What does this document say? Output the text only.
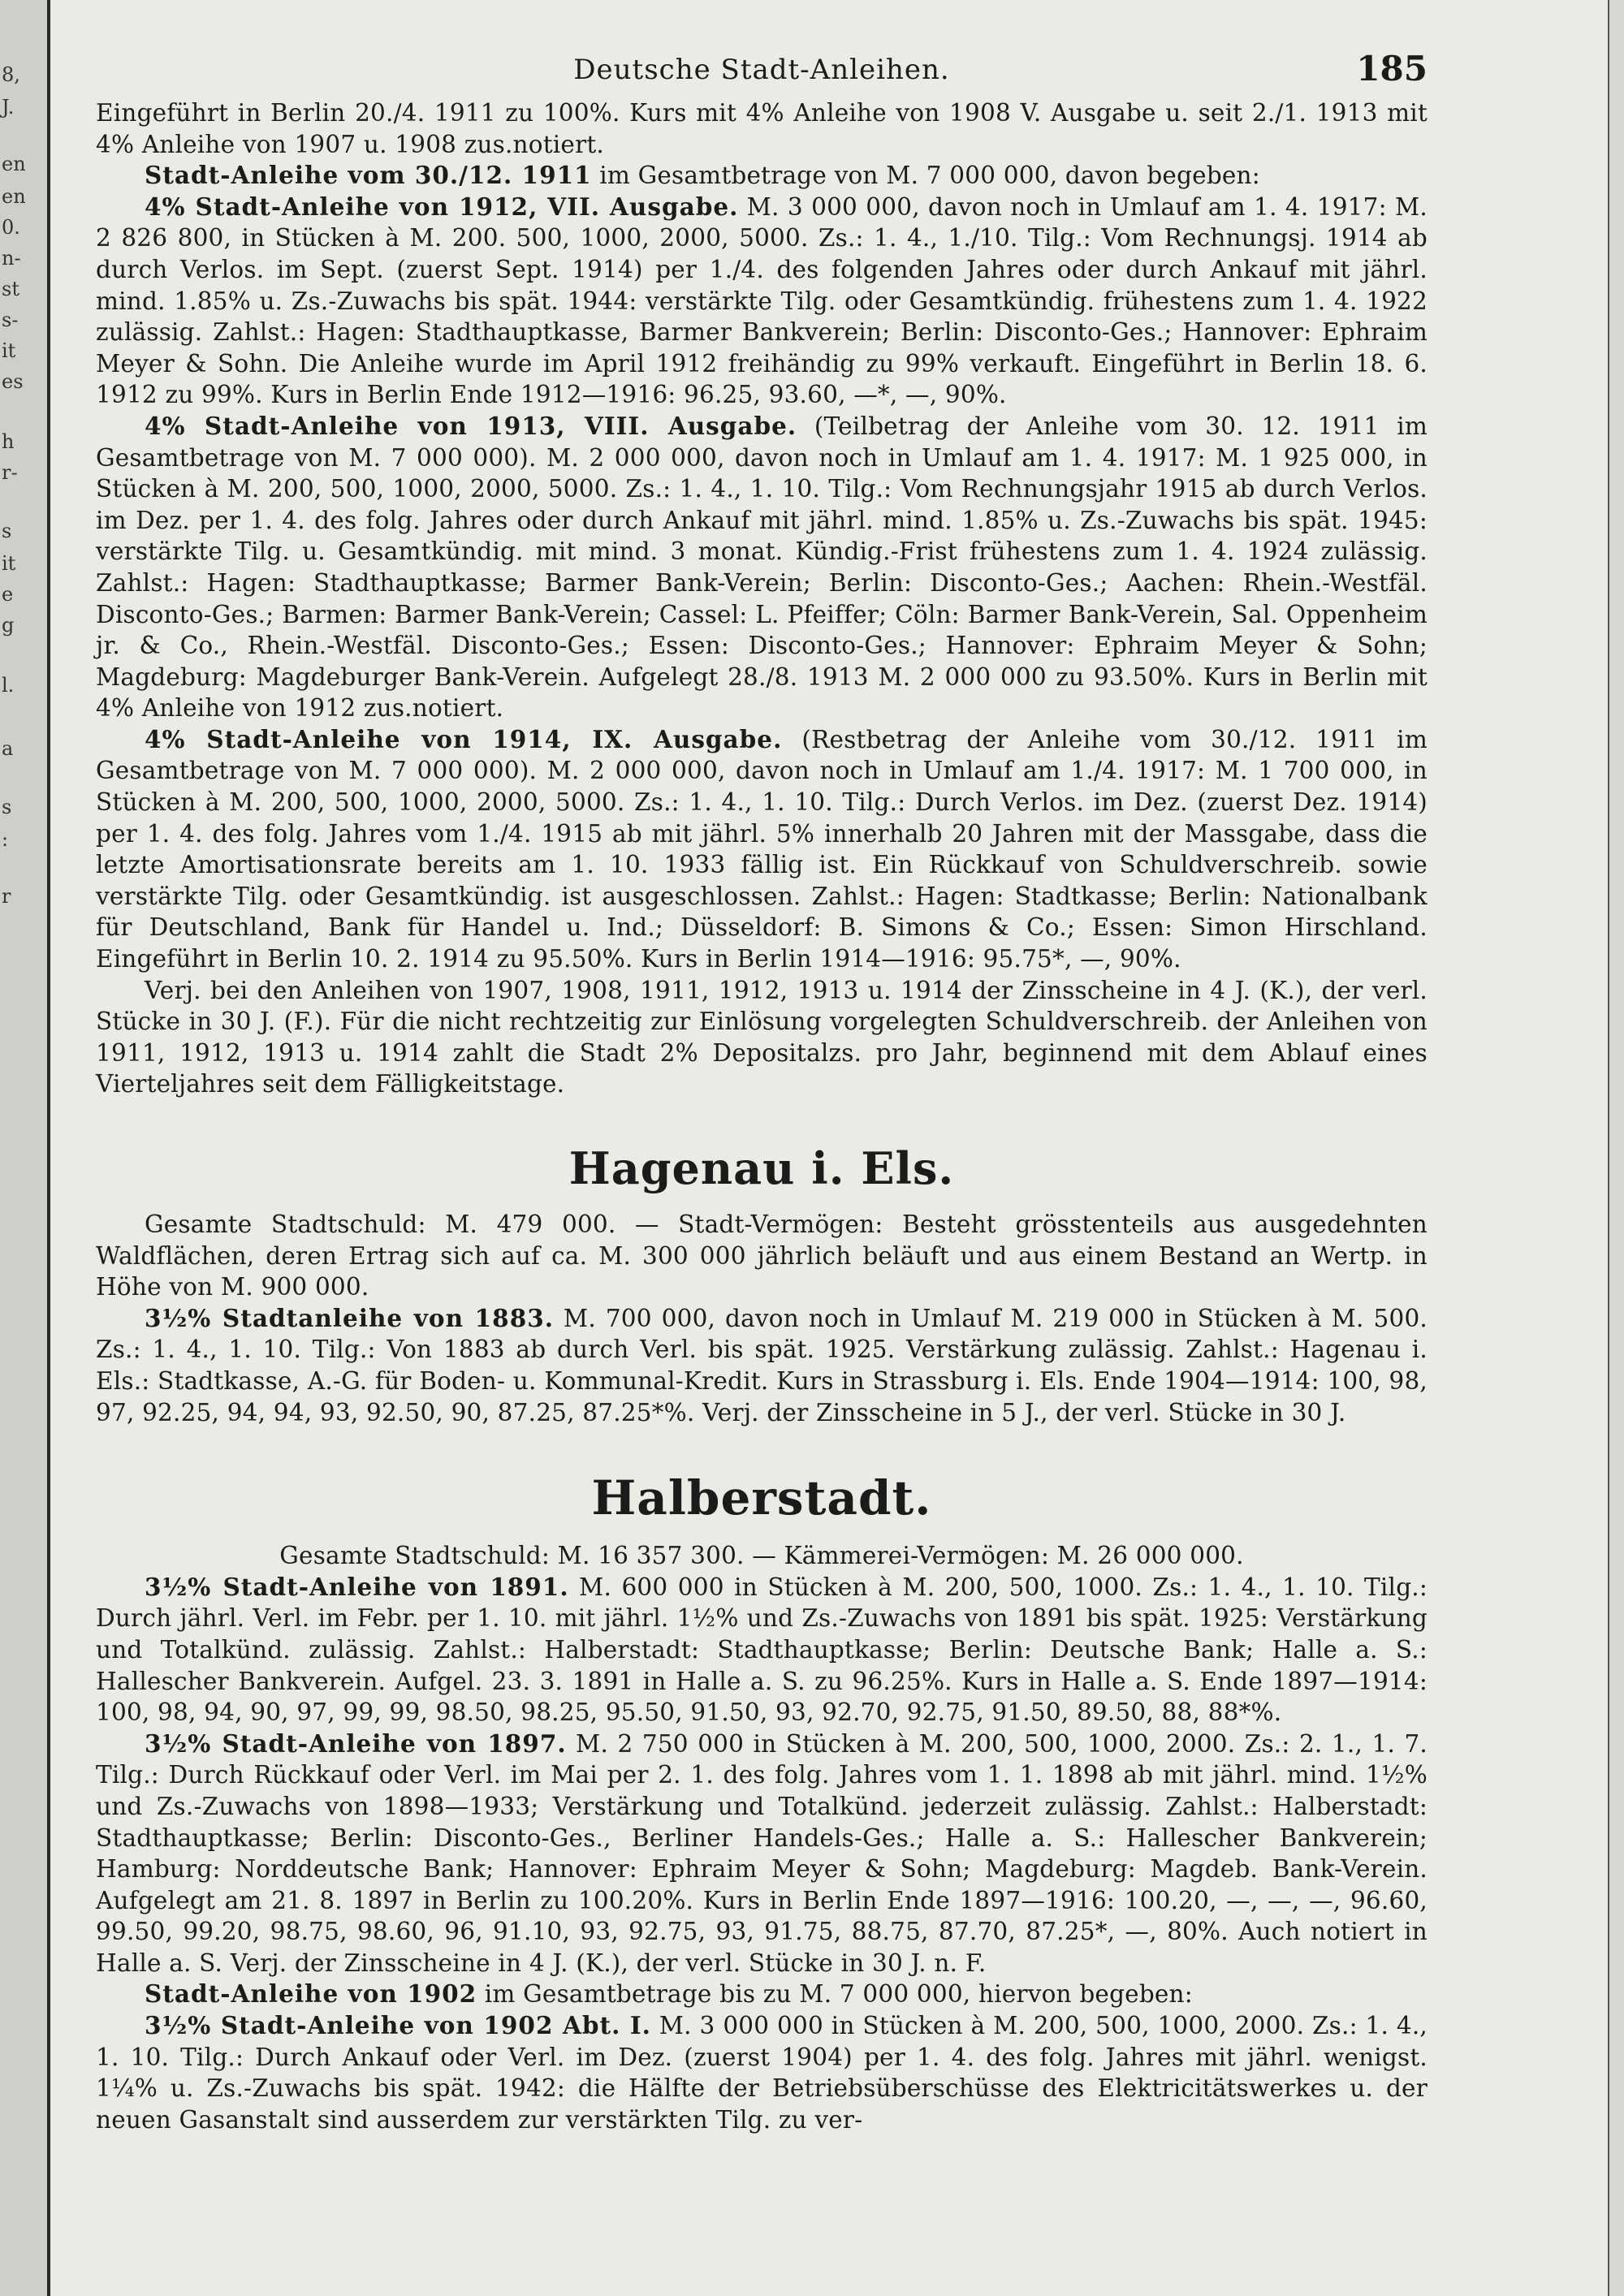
8,
J.
en
en
0.
n-
st
s-
it
es
h
r-
s
it
e
g
l.
a
s
:
r
Deutsche Stadt-Anleihen.	185

Eingeführt in Berlin 20./4. 1911 zu 100%. Kurs mit 4% Anleihe von 1908 V. Ausgabe u. seit 2./1. 1913 mit 4% Anleihe von 1907 u. 1908 zus.notiert.

Stadt-Anleihe vom 30./12. 1911 im Gesamtbetrage von M. 7 000 000, davon begeben:

4% Stadt-Anleihe von 1912, VII. Ausgabe. M. 3 000 000, davon noch in Umlauf am 1. 4. 1917: M. 2 826 800, in Stücken à M. 200. 500, 1000, 2000, 5000. Zs.: 1. 4., 1./10. Tilg.: Vom Rechnungsj. 1914 ab durch Verlos. im Sept. (zuerst Sept. 1914) per 1./4. des folgenden Jahres oder durch Ankauf mit jährl. mind. 1.85% u. Zs.-Zuwachs bis spät. 1944: verstärkte Tilg. oder Gesamtkündig. frühestens zum 1. 4. 1922 zulässig. Zahlst.: Hagen: Stadthauptkasse, Barmer Bankverein; Berlin: Disconto-Ges.; Hannover: Ephraim Meyer & Sohn. Die Anleihe wurde im April 1912 freihändig zu 99% verkauft. Eingeführt in Berlin 18. 6. 1912 zu 99%. Kurs in Berlin Ende 1912—1916: 96.25, 93.60, —*, —, 90%.

4% Stadt-Anleihe von 1913, VIII. Ausgabe. (Teilbetrag der Anleihe vom 30. 12. 1911 im Gesamtbetrage von M. 7 000 000). M. 2 000 000, davon noch in Umlauf am 1. 4. 1917: M. 1 925 000, in Stücken à M. 200, 500, 1000, 2000, 5000. Zs.: 1. 4., 1. 10. Tilg.: Vom Rechnungsjahr 1915 ab durch Verlos. im Dez. per 1. 4. des folg. Jahres oder durch Ankauf mit jährl. mind. 1.85% u. Zs.-Zuwachs bis spät. 1945: verstärkte Tilg. u. Gesamtkündig. mit mind. 3 monat. Kündig.-Frist frühestens zum 1. 4. 1924 zulässig. Zahlst.: Hagen: Stadthauptkasse; Barmer Bank-Verein; Berlin: Disconto-Ges.; Aachen: Rhein.-Westfäl. Disconto-Ges.; Barmen: Barmer Bank-Verein; Cassel: L. Pfeiffer; Cöln: Barmer Bank-Verein, Sal. Oppenheim jr. & Co., Rhein.-Westfäl. Disconto-Ges.; Essen: Disconto-Ges.; Hannover: Ephraim Meyer & Sohn; Magdeburg: Magdeburger Bank-Verein. Aufgelegt 28./8. 1913 M. 2 000 000 zu 93.50%. Kurs in Berlin mit 4% Anleihe von 1912 zus.notiert.

4% Stadt-Anleihe von 1914, IX. Ausgabe. (Restbetrag der Anleihe vom 30./12. 1911 im Gesamtbetrage von M. 7 000 000). M. 2 000 000, davon noch in Umlauf am 1./4. 1917: M. 1 700 000, in Stücken à M. 200, 500, 1000, 2000, 5000. Zs.: 1. 4., 1. 10. Tilg.: Durch Verlos. im Dez. (zuerst Dez. 1914) per 1. 4. des folg. Jahres vom 1./4. 1915 ab mit jährl. 5% innerhalb 20 Jahren mit der Massgabe, dass die letzte Amortisationsrate bereits am 1. 10. 1933 fällig ist. Ein Rückkauf von Schuldverschreib. sowie verstärkte Tilg. oder Gesamtkündig. ist ausgeschlossen. Zahlst.: Hagen: Stadtkasse; Berlin: Nationalbank für Deutschland, Bank für Handel u. Ind.; Düsseldorf: B. Simons & Co.; Essen: Simon Hirschland. Eingeführt in Berlin 10. 2. 1914 zu 95.50%. Kurs in Berlin 1914—1916: 95.75*, —, 90%.

Verj. bei den Anleihen von 1907, 1908, 1911, 1912, 1913 u. 1914 der Zinsscheine in 4 J. (K.), der verl. Stücke in 30 J. (F.). Für die nicht rechtzeitig zur Einlösung vorgelegten Schuldverschreib. der Anleihen von 1911, 1912, 1913 u. 1914 zahlt die Stadt 2% Depositalzs. pro Jahr, beginnend mit dem Ablauf eines Vierteljahres seit dem Fälligkeitstage.

Hagenau i. Els.

Gesamte Stadtschuld: M. 479 000. — Stadt-Vermögen: Besteht grösstenteils aus ausgedehnten Waldflächen, deren Ertrag sich auf ca. M. 300 000 jährlich beläuft und aus einem Bestand an Wertp. in Höhe von M. 900 000.

3½% Stadtanleihe von 1883. M. 700 000, davon noch in Umlauf M. 219 000 in Stücken à M. 500. Zs.: 1. 4., 1. 10. Tilg.: Von 1883 ab durch Verl. bis spät. 1925. Verstärkung zulässig. Zahlst.: Hagenau i. Els.: Stadtkasse, A.-G. für Boden- u. Kommunal-Kredit. Kurs in Strassburg i. Els. Ende 1904—1914: 100, 98, 97, 92.25, 94, 94, 93, 92.50, 90, 87.25, 87.25*%. Verj. der Zinsscheine in 5 J., der verl. Stücke in 30 J.

Halberstadt.

Gesamte Stadtschuld: M. 16 357 300. — Kämmerei-Vermögen: M. 26 000 000.

3½% Stadt-Anleihe von 1891. M. 600 000 in Stücken à M. 200, 500, 1000. Zs.: 1. 4., 1. 10. Tilg.: Durch jährl. Verl. im Febr. per 1. 10. mit jährl. 1½% und Zs.-Zuwachs von 1891 bis spät. 1925: Verstärkung und Totalkünd. zulässig. Zahlst.: Halberstadt: Stadthauptkasse; Berlin: Deutsche Bank; Halle a. S.: Hallescher Bankverein. Aufgel. 23. 3. 1891 in Halle a. S. zu 96.25%. Kurs in Halle a. S. Ende 1897—1914: 100, 98, 94, 90, 97, 99, 99, 98.50, 98.25, 95.50, 91.50, 93, 92.70, 92.75, 91.50, 89.50, 88, 88*%.

3½% Stadt-Anleihe von 1897. M. 2 750 000 in Stücken à M. 200, 500, 1000, 2000. Zs.: 2. 1., 1. 7. Tilg.: Durch Rückkauf oder Verl. im Mai per 2. 1. des folg. Jahres vom 1. 1. 1898 ab mit jährl. mind. 1½% und Zs.-Zuwachs von 1898—1933; Verstärkung und Totalkünd. jederzeit zulässig. Zahlst.: Halberstadt: Stadthauptkasse; Berlin: Disconto-Ges., Berliner Handels-Ges.; Halle a. S.: Hallescher Bankverein; Hamburg: Norddeutsche Bank; Hannover: Ephraim Meyer & Sohn; Magdeburg: Magdeb. Bank-Verein. Aufgelegt am 21. 8. 1897 in Berlin zu 100.20%. Kurs in Berlin Ende 1897—1916: 100.20, —, —, —, 96.60, 99.50, 99.20, 98.75, 98.60, 96, 91.10, 93, 92.75, 93, 91.75, 88.75, 87.70, 87.25*, —, 80%. Auch notiert in Halle a. S. Verj. der Zinsscheine in 4 J. (K.), der verl. Stücke in 30 J. n. F.

Stadt-Anleihe von 1902 im Gesamtbetrage bis zu M. 7 000 000, hiervon begeben:

3½% Stadt-Anleihe von 1902 Abt. I. M. 3 000 000 in Stücken à M. 200, 500, 1000, 2000. Zs.: 1. 4., 1. 10. Tilg.: Durch Ankauf oder Verl. im Dez. (zuerst 1904) per 1. 4. des folg. Jahres mit jährl. wenigst. 1¼% u. Zs.-Zuwachs bis spät. 1942: die Hälfte der Betriebsüberschüsse des Elektricitätswerkes u. der neuen Gasanstalt sind ausserdem zur verstärkten Tilg. zu ver-
